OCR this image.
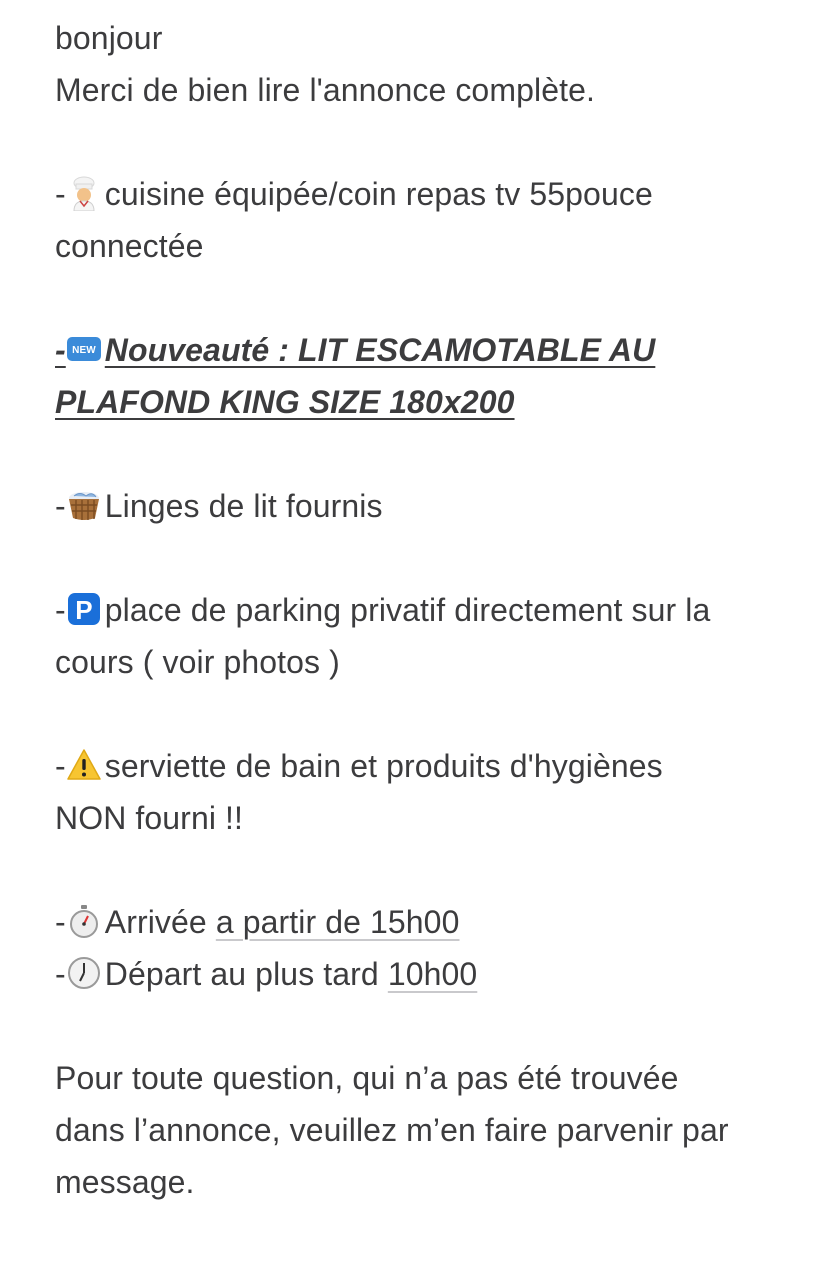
bonjour
Merci de bien lire l'annonce complète.
- cuisine équipée/coin repas tv 55pouce
connectée
- NEW Nouveauté : LIT ESCAMOTABLE AU
PLAFOND KING SIZE 180x200
- Linges de lit fournis
- P place de parking privatif directement sur la
cours ( voir photos )
- serviette de bain et produits d'hygiènes
NON fourni !!
- Arrivée a partir de 15h00
- Départ au plus tard 10h00
Pour toute question, qui n’a pas été trouvée
dans l’annonce, veuillez m’en faire parvenir par
message.
